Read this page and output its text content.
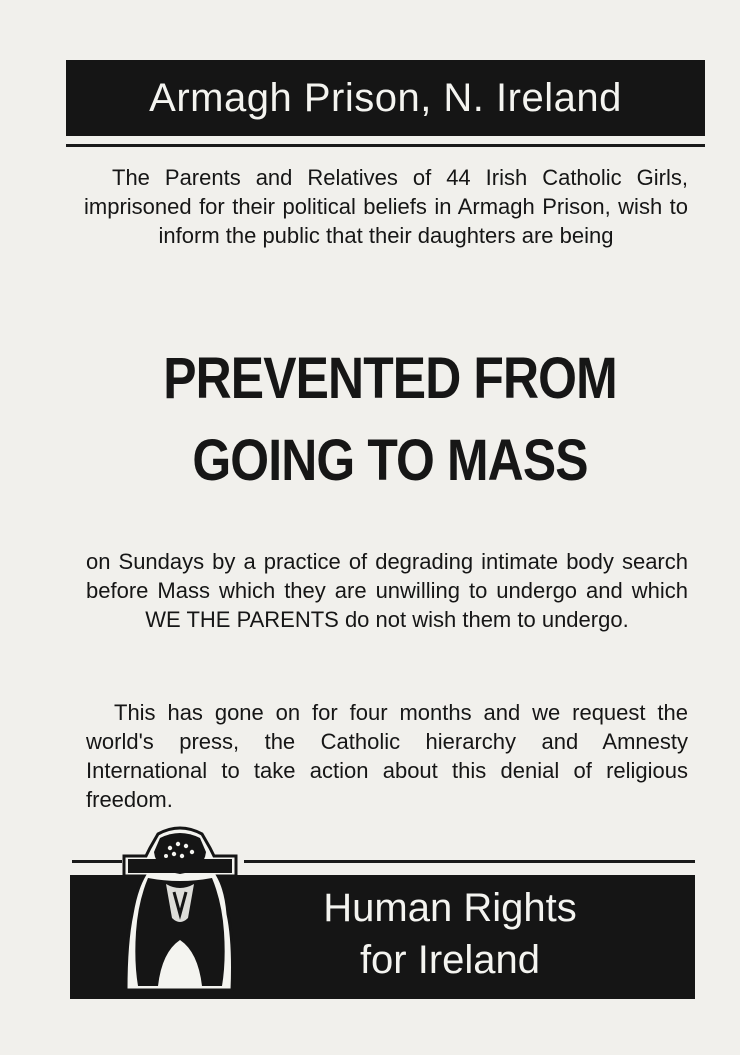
Armagh Prison, N. Ireland

The Parents and Relatives of 44 Irish Catholic Girls, imprisoned for their political beliefs in Armagh Prison, wish to inform the public that their daughters are being

PREVENTED FROM
GOING TO MASS

on Sundays by a practice of degrading intimate body search before Mass which they are unwilling to undergo and which WE THE PARENTS do not wish them to undergo.

This has gone on for four months and we request the world's press, the Catholic hierarchy and Amnesty International to take action about this denial of religious freedom.

Human Rights
for Ireland
